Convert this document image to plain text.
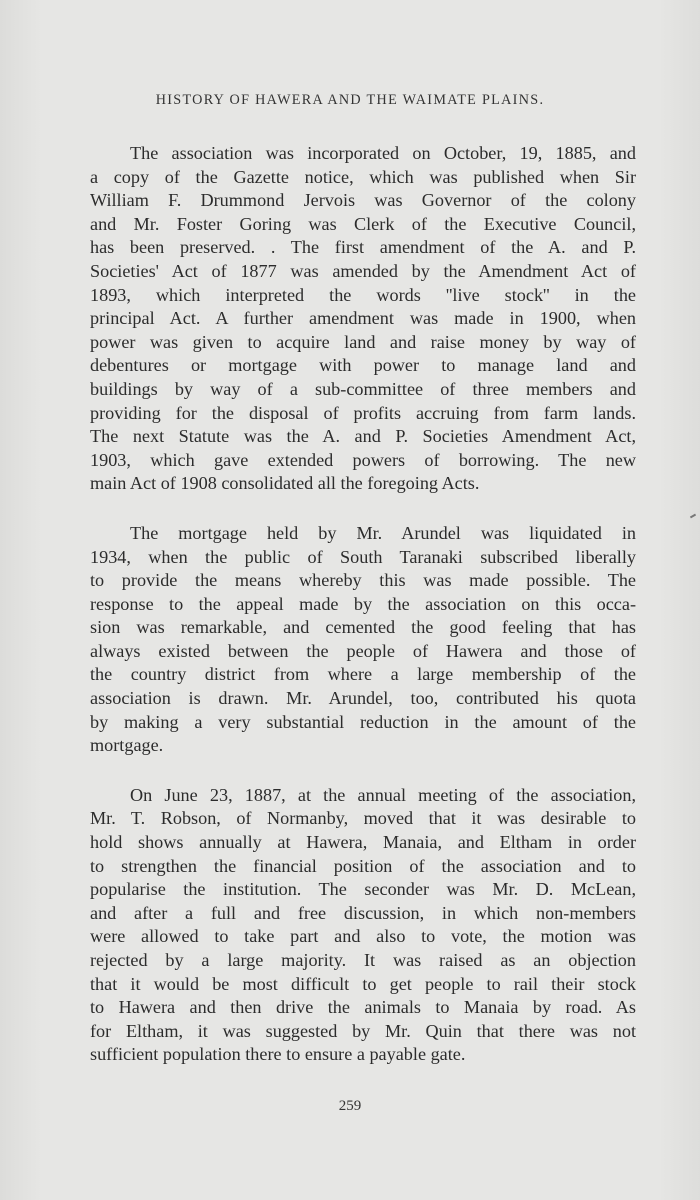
HISTORY OF HAWERA AND THE WAIMATE PLAINS.

The association was incorporated on October, 19, 1885, and
a copy of the Gazette notice, which was published when Sir
William F. Drummond Jervois was Governor of the colony
and Mr. Foster Goring was Clerk of the Executive Council,
has been preserved. . The first amendment of the A. and P.
Societies' Act of 1877 was amended by the Amendment Act of
1893, which interpreted the words ''live stock'' in the
principal Act. A further amendment was made in 1900, when
power was given to acquire land and raise money by way of
debentures or mortgage with power to manage land and
buildings by way of a sub-committee of three members and
providing for the disposal of profits accruing from farm lands.
The next Statute was the A. and P. Societies Amendment Act,
1903, which gave extended powers of borrowing. The new
main Act of 1908 consolidated all the foregoing Acts.

The mortgage held by Mr. Arundel was liquidated in
1934, when the public of South Taranaki subscribed liberally
to provide the means whereby this was made possible. The
response to the appeal made by the association on this occa-
sion was remarkable, and cemented the good feeling that has
always existed between the people of Hawera and those of
the country district from where a large membership of the
association is drawn. Mr. Arundel, too, contributed his quota
by making a very substantial reduction in the amount of the
mortgage.

On June 23, 1887, at the annual meeting of the association,
Mr. T. Robson, of Normanby, moved that it was desirable to
hold shows annually at Hawera, Manaia, and Eltham in order
to strengthen the financial position of the association and to
popularise the institution. The seconder was Mr. D. McLean,
and after a full and free discussion, in which non-members
were allowed to take part and also to vote, the motion was
rejected by a large majority. It was raised as an objection
that it would be most difficult to get people to rail their stock
to Hawera and then drive the animals to Manaia by road. As
for Eltham, it was suggested by Mr. Quin that there was not
sufficient population there to ensure a payable gate.

259
